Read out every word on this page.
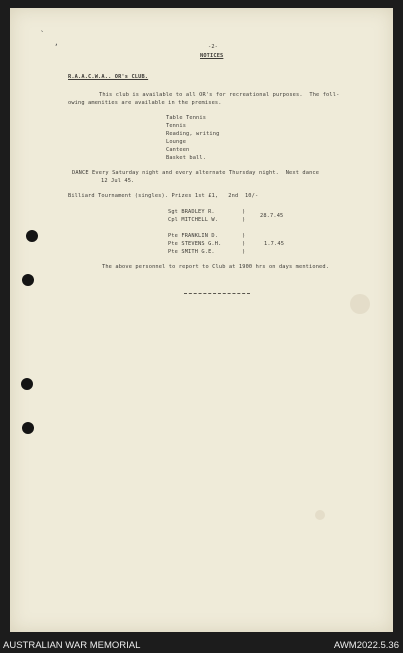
`
,	-2-
NOTICES
R.A.A.C.W.A.. OR's CLUB.
This club is available to all OR's for recreational purposes.  The foll-
owing amenities are available in the premises.
Table Tennis
Tennis
Reading, writing
Lounge
Canteen
Basket ball.
DANCE Every Saturday night and every alternate Thursday night.  Next dance
12 Jul 45.
Billiard Tournament (singles). Prizes 1st £1,   2nd  10/-
Sgt BRADLEY R.
Cpl MITCHELL W.
)
)
28.7.45
Pte FRANKLIN D.
Pte STEVENS G.H.
Pte SMITH G.E.
)
)
)
1.7.45
The above personnel to report to Club at 1900 hrs on days mentioned.
AUSTRALIAN WAR MEMORIAL	AWM2022.5.36
